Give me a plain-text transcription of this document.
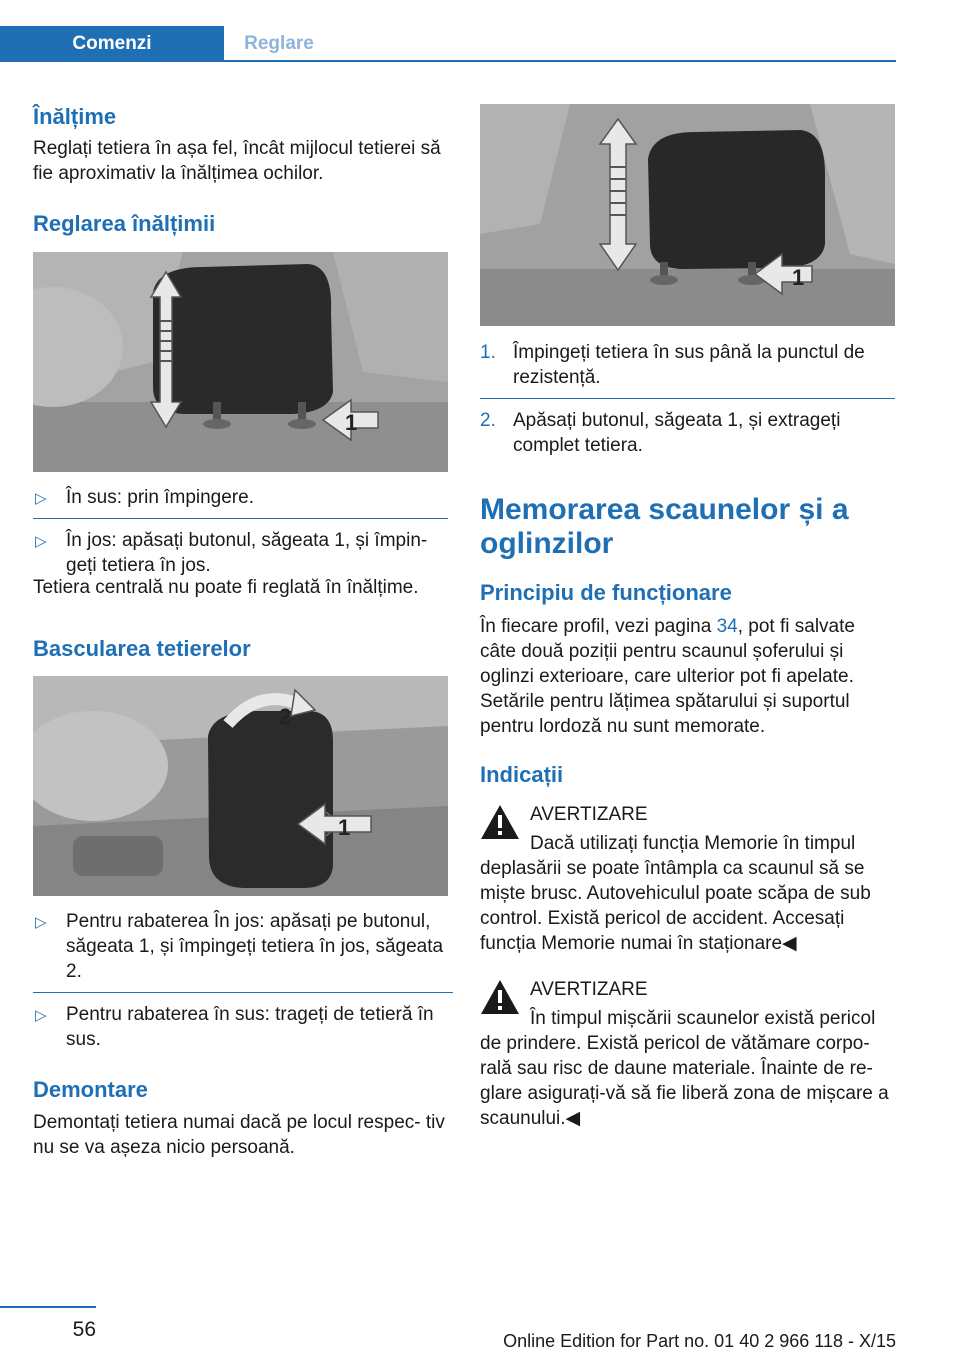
Comenzi	Reglare
Înălțime
Reglați tetiera în așa fel, încât mijlocul tetierei să fie aproximativ la înălțimea ochilor.
Reglarea înălțimii
1
▷ În sus: prin împingere.
▷ În jos: apăsați butonul, săgeata 1, și împin‐ geți tetiera în jos.
Tetiera centrală nu poate fi reglată în înălțime.
Bascularea tetierelor
1
2
▷ Pentru rabaterea În jos: apăsați pe butonul, săgeata 1, și împingeți tetiera în jos, săgeata 2.
▷ Pentru rabaterea în sus: trageți de tetieră în sus.
Demontare
Demontați tetiera numai dacă pe locul respec‐ tiv nu se va așeza nicio persoană.
1
1. Împingeți tetiera în sus până la punctul de rezistență.
2. Apăsați butonul, săgeata 1, și extrageți complet tetiera.
Memorarea scaunelor și a oglinzilor
Principiu de funcționare
În fiecare profil, vezi pagina 34, pot fi salvate câte două poziții pentru scaunul șoferului și oglinzi exterioare, care ulterior pot fi apelate. Setările pentru lățimea spătarului și suportul pentru lordoză nu sunt memorate.
Indicații
AVERTIZARE
Dacă utilizați funcția Memorie în timpul deplasării se poate întâmpla ca scaunul să se miște brusc. Autovehiculul poate scăpa de sub control. Există pericol de accident. Accesați funcția Memorie numai în staționare◀
AVERTIZARE
În timpul mișcării scaunelor există pericol de prindere. Există pericol de vătămare corpo‐ rală sau risc de daune materiale. Înainte de re‐ glare asigurați-vă să fie liberă zona de mișcare a scaunului.◀
56	Online Edition for Part no. 01 40 2 966 118 - X/15
